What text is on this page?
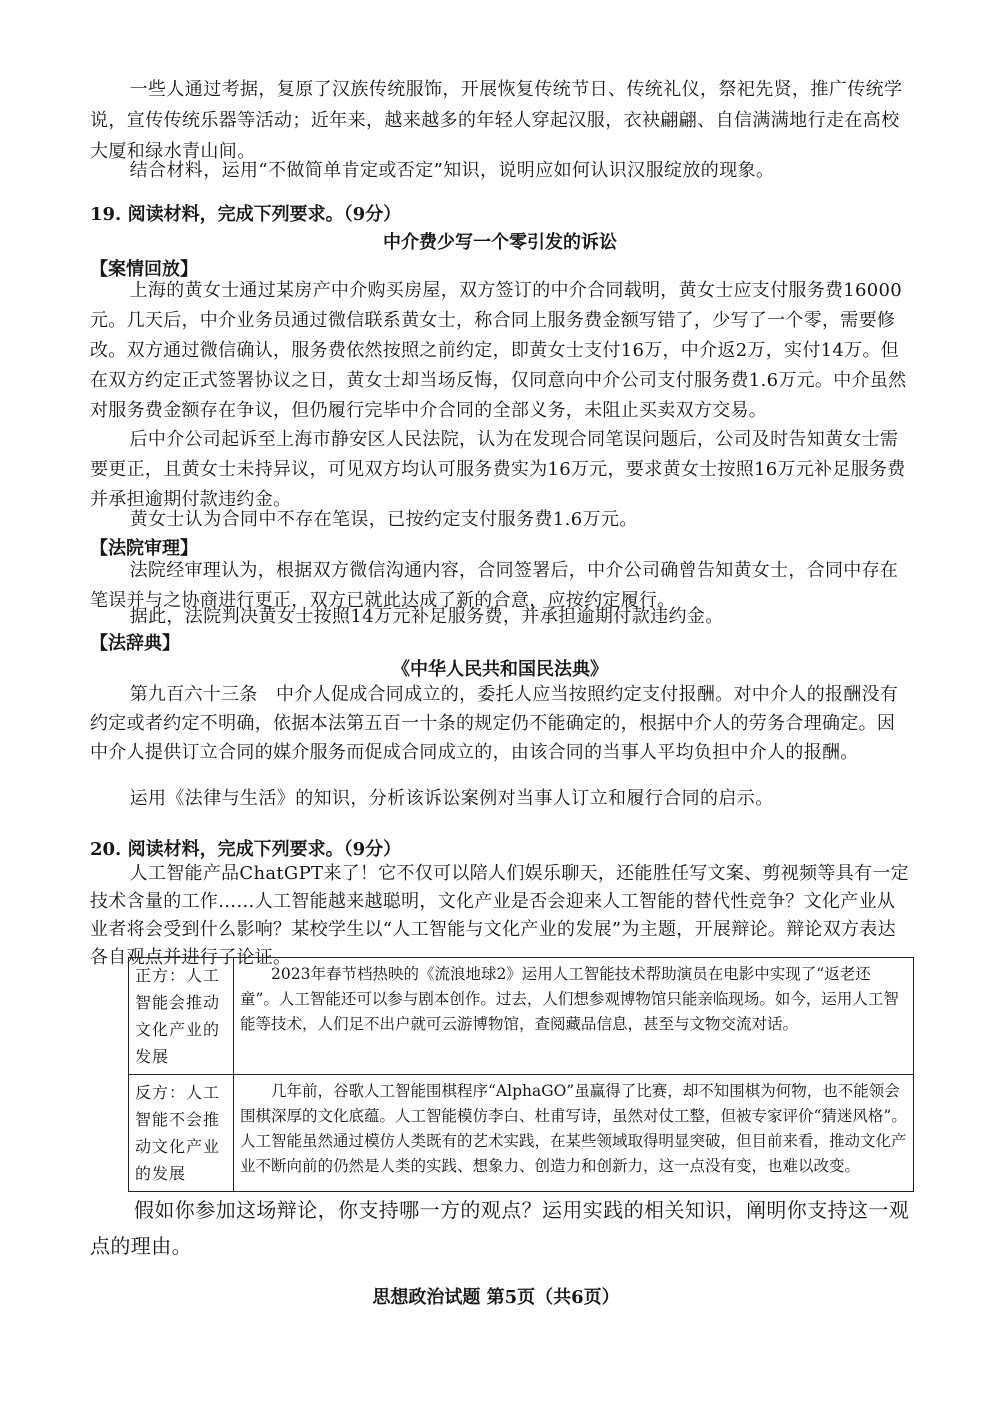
一些人通过考据，复原了汉族传统服饰，开展恢复传统节日、传统礼仪，祭祀先贤，推广传统学说，宣传传统乐器等活动；近年来，越来越多的年轻人穿起汉服，衣袂翩翩、自信满满地行走在高校大厦和绿水青山间。

结合材料，运用“不做简单肯定或否定”知识，说明应如何认识汉服绽放的现象。

19. 阅读材料，完成下列要求。（9分）

中介费少写一个零引发的诉讼

【案情回放】

上海的黄女士通过某房产中介购买房屋，双方签订的中介合同载明，黄女士应支付服务费16000元。几天后，中介业务员通过微信联系黄女士，称合同上服务费金额写错了，少写了一个零，需要修改。双方通过微信确认，服务费依然按照之前约定，即黄女士支付16万，中介返2万，实付14万。但在双方约定正式签署协议之日，黄女士却当场反悔，仅同意向中介公司支付服务费1.6万元。中介虽然对服务费金额存在争议，但仍履行完毕中介合同的全部义务，未阻止买卖双方交易。

后中介公司起诉至上海市静安区人民法院，认为在发现合同笔误问题后，公司及时告知黄女士需要更正，且黄女士未持异议，可见双方均认可服务费实为16万元，要求黄女士按照16万元补足服务费并承担逾期付款违约金。

黄女士认为合同中不存在笔误，已按约定支付服务费1.6万元。

【法院审理】

法院经审理认为，根据双方微信沟通内容，合同签署后，中介公司确曾告知黄女士，合同中存在笔误并与之协商进行更正，双方已就此达成了新的合意，应按约定履行。

据此，法院判决黄女士按照14万元补足服务费，并承担逾期付款违约金。

【法辞典】

《中华人民共和国民法典》

第九百六十三条　中介人促成合同成立的，委托人应当按照约定支付报酬。对中介人的报酬没有约定或者约定不明确，依据本法第五百一十条的规定仍不能确定的，根据中介人的劳务合理确定。因中介人提供订立合同的媒介服务而促成合同成立的，由该合同的当事人平均负担中介人的报酬。

运用《法律与生活》的知识，分析该诉讼案例对当事人订立和履行合同的启示。

20. 阅读材料，完成下列要求。（9分）

人工智能产品ChatGPT来了！它不仅可以陪人们娱乐聊天，还能胜任写文案、剪视频等具有一定技术含量的工作……人工智能越来越聪明，文化产业是否会迎来人工智能的替代性竞争？文化产业从业者将会受到什么影响？某校学生以“人工智能与文化产业的发展”为主题，开展辩论。辩论双方表达各自观点并进行了论证。

正方：人工智能会推动文化产业的发展	2023年春节档热映的《流浪地球2》运用人工智能技术帮助演员在电影中实现了“返老还童”。人工智能还可以参与剧本创作。过去，人们想参观博物馆只能亲临现场。如今，运用人工智能等技术，人们足不出户就可云游博物馆，查阅藏品信息，甚至与文物交流对话。
反方：人工智能不会推动文化产业的发展	几年前，谷歌人工智能围棋程序“AlphaGO”虽赢得了比赛，却不知围棋为何物，也不能领会围棋深厚的文化底蕴。人工智能模仿李白、杜甫写诗，虽然对仗工整，但被专家评价“猜迷风格”。人工智能虽然通过模仿人类既有的艺术实践，在某些领域取得明显突破，但目前来看，推动文化产业不断向前的仍然是人类的实践、想象力、创造力和创新力，这一点没有变，也难以改变。

假如你参加这场辩论，你支持哪一方的观点？运用实践的相关知识，阐明你支持这一观点的理由。

思想政治试题 第5页（共6页）
